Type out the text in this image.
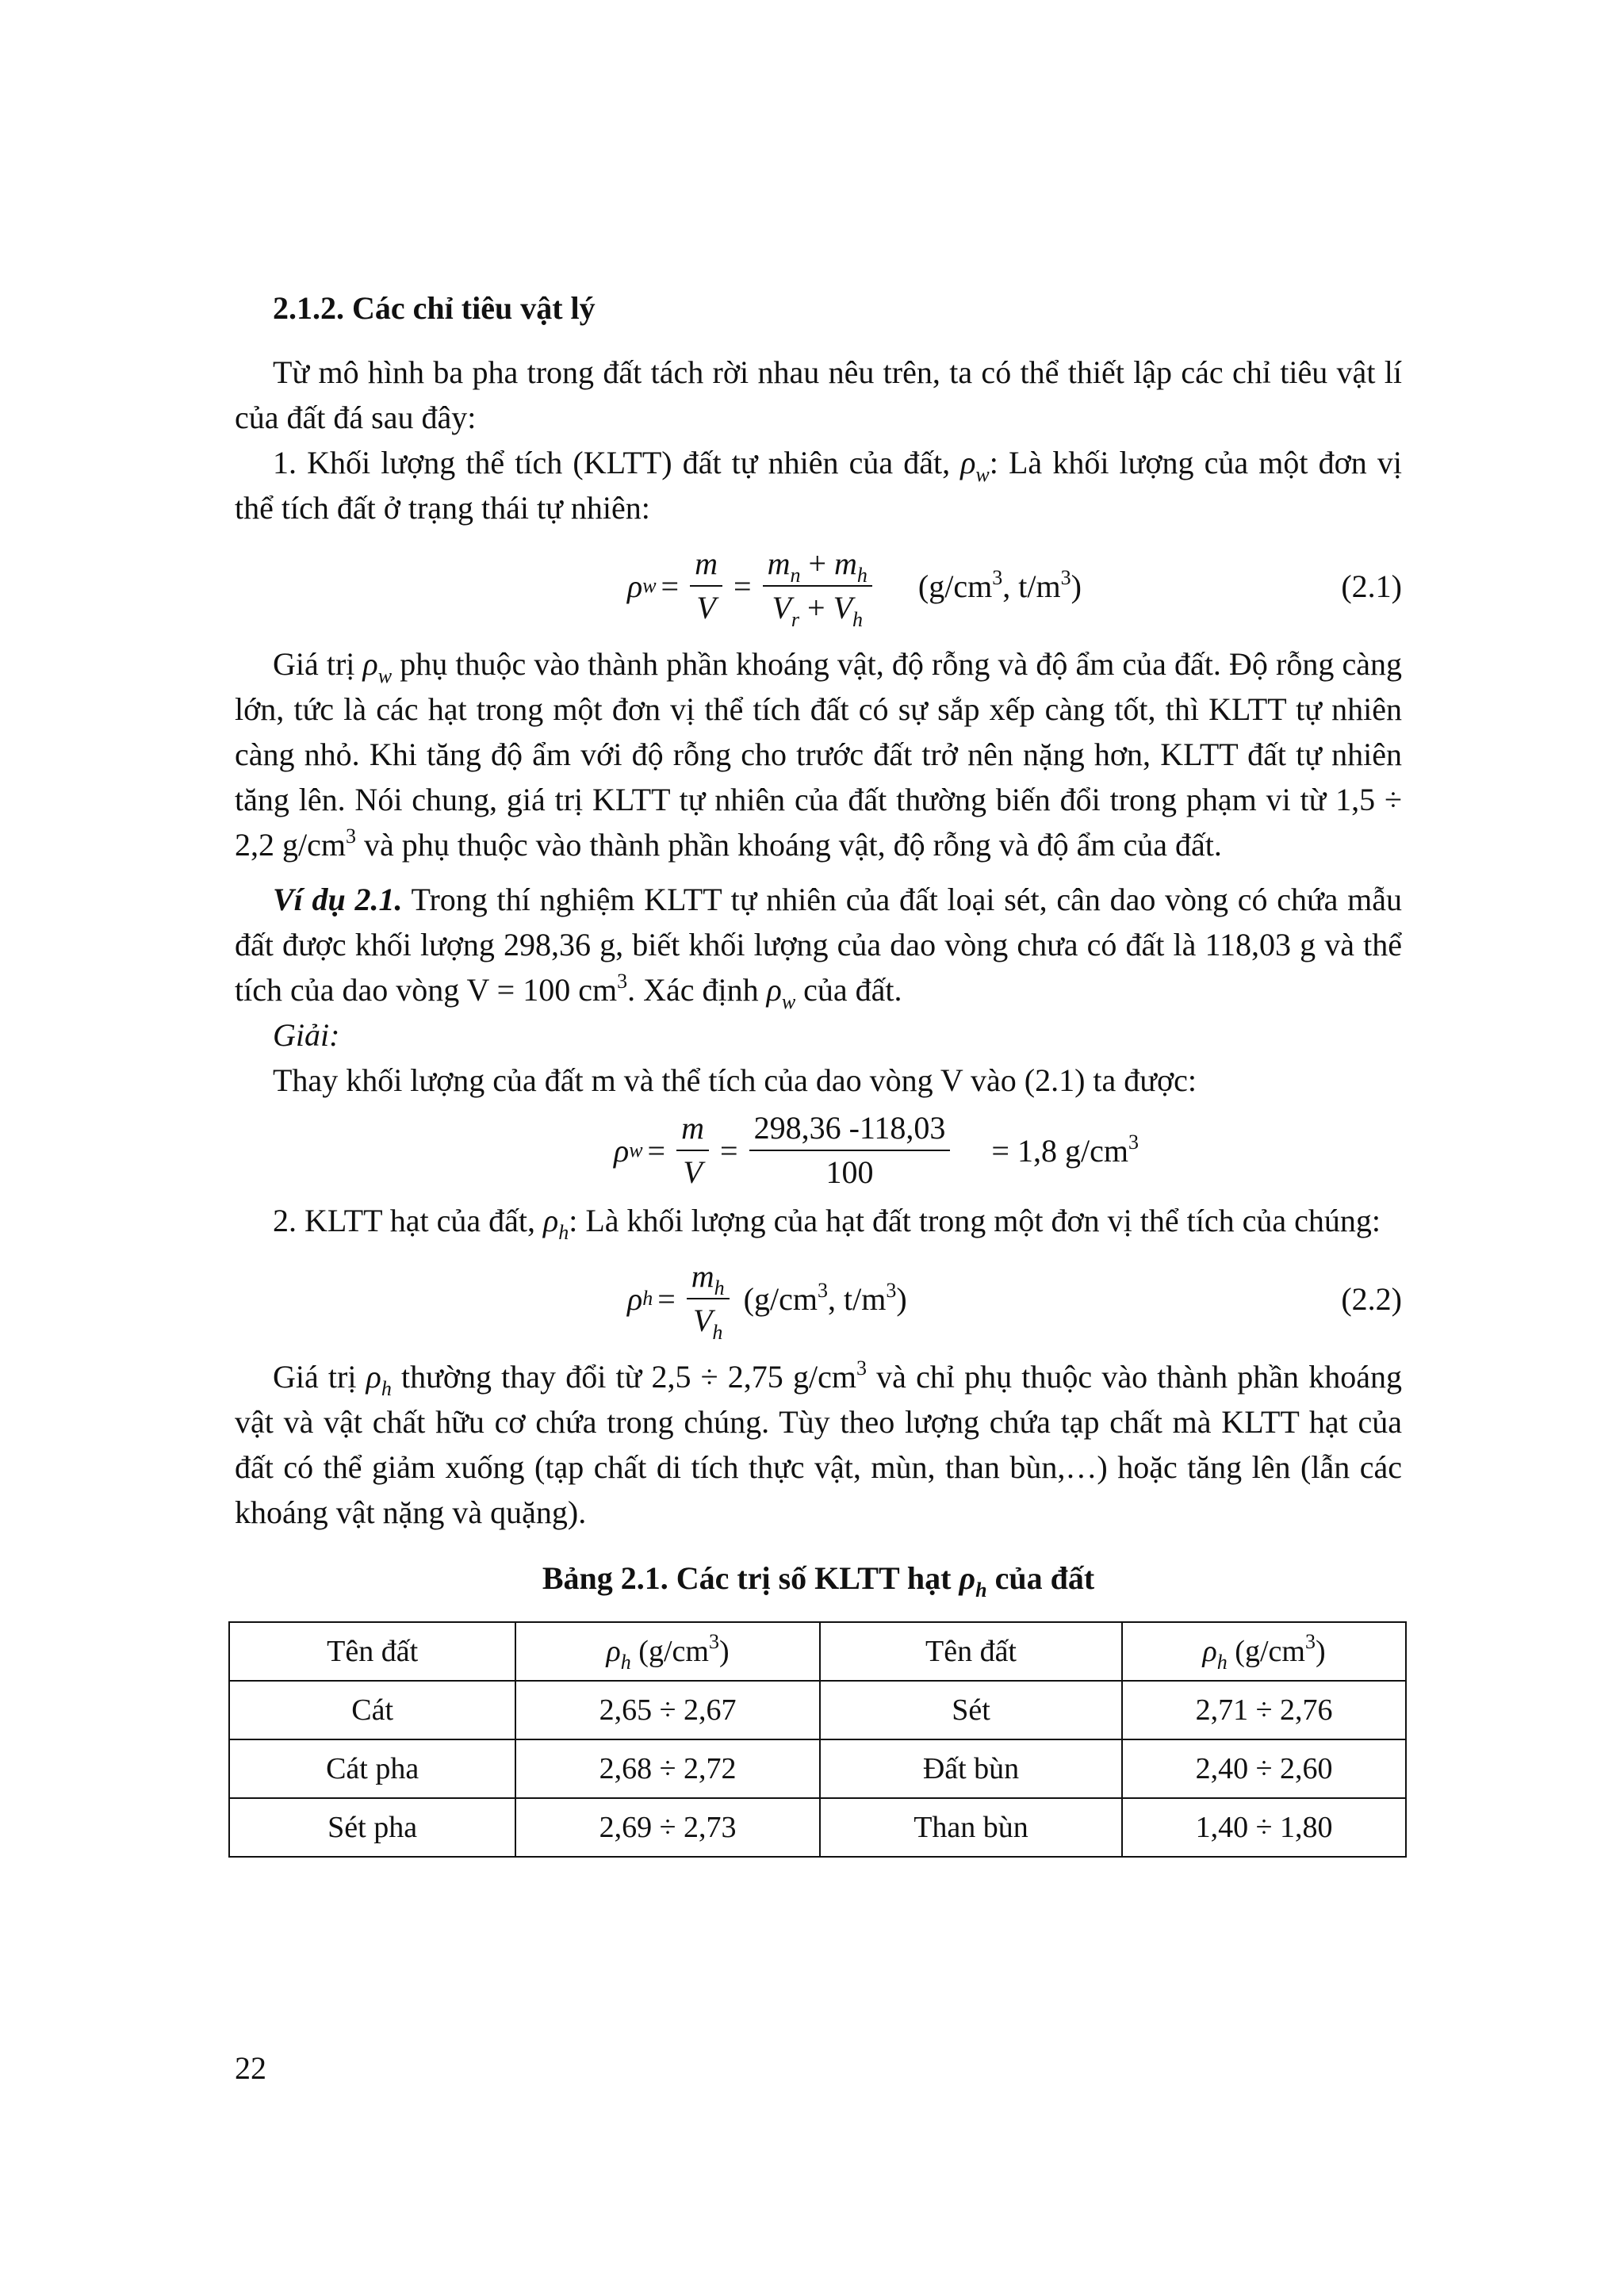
2.1.2. Các chỉ tiêu vật lý

Từ mô hình ba pha trong đất tách rời nhau nêu trên, ta có thể thiết lập các chỉ tiêu vật lí của đất đá sau đây:

1. Khối lượng thể tích (KLTT) đất tự nhiên của đất, $\rho_w$: Là khối lượng của một đơn vị thể tích đất ở trạng thái tự nhiên:

ρ $w = \frac{m}{V} = \frac{m_n + m_h}{V_r + V_h} (g/cm^3$, $t/m^3$)	(2.1)

Giá trị $\rho_w$ phụ thuộc vào thành phần khoáng vật, độ rỗng và độ ẩm của đất. Độ rỗng càng lớn, tức là các hạt trong một đơn vị thể tích đất có sự sắp xếp càng tốt, thì KLTT tự nhiên càng nhỏ. Khi tăng độ ẩm với độ rỗng cho trước đất trở nên nặng hơn, KLTT đất tự nhiên tăng lên. Nói chung, giá trị KLTT tự nhiên của đất thường biến đổi trong phạm vi từ 1,5 ÷ 2,2 $g/cm^3$ và phụ thuộc vào thành phần khoáng vật, độ rỗng và độ ẩm của đất.

Ví dụ 2.1. Trong thí nghiệm KLTT tự nhiên của đất loại sét, cân dao vòng có chứa mẫu đất được khối lượng 298,36 g, biết khối lượng của dao vòng chưa có đất là 118,03 g và thể tích của dao vòng V = 100 $cm^3$. Xác định $\rho_w$ của đất.

Giải:

Thay khối lượng của đất m và thể tích của dao vòng V vào (2.1) ta được:

ρ $w = \frac{m}{V} = \frac{298,36 -118,03}{100} = 1,8$ $g/cm^3$

2. KLTT hạt của đất, $\rho_h$: Là khối lượng của hạt đất trong một đơn vị thể tích của chúng:

ρ $h = \frac{m_h}{V_h} (g/cm^3$, $t/m^3$)	(2.2)

Giá trị $\rho_h$ thường thay đổi từ 2,5 ÷ 2,75 $g/cm^3$ và chỉ phụ thuộc vào thành phần khoáng vật và vật chất hữu cơ chứa trong chúng. Tùy theo lượng chứa tạp chất mà KLTT hạt của đất có thể giảm xuống (tạp chất di tích thực vật, mùn, than bùn,…) hoặc tăng lên (lẫn các khoáng vật nặng và quặng).

Bảng 2.1. Các trị số KLTT hạt $\rho_h$ của đất
Tên đất	$\rho_h$ $(g/cm^3)$	Tên đất	$\rho_h$ $(g/cm^3)$
Cát	2,65 ÷ 2,67	Sét	2,71 ÷ 2,76
Cát pha	2,68 ÷ 2,72	Đất bùn	2,40 ÷ 2,60
Sét pha	2,69 ÷ 2,73	Than bùn	1,40 ÷ 1,80
22
